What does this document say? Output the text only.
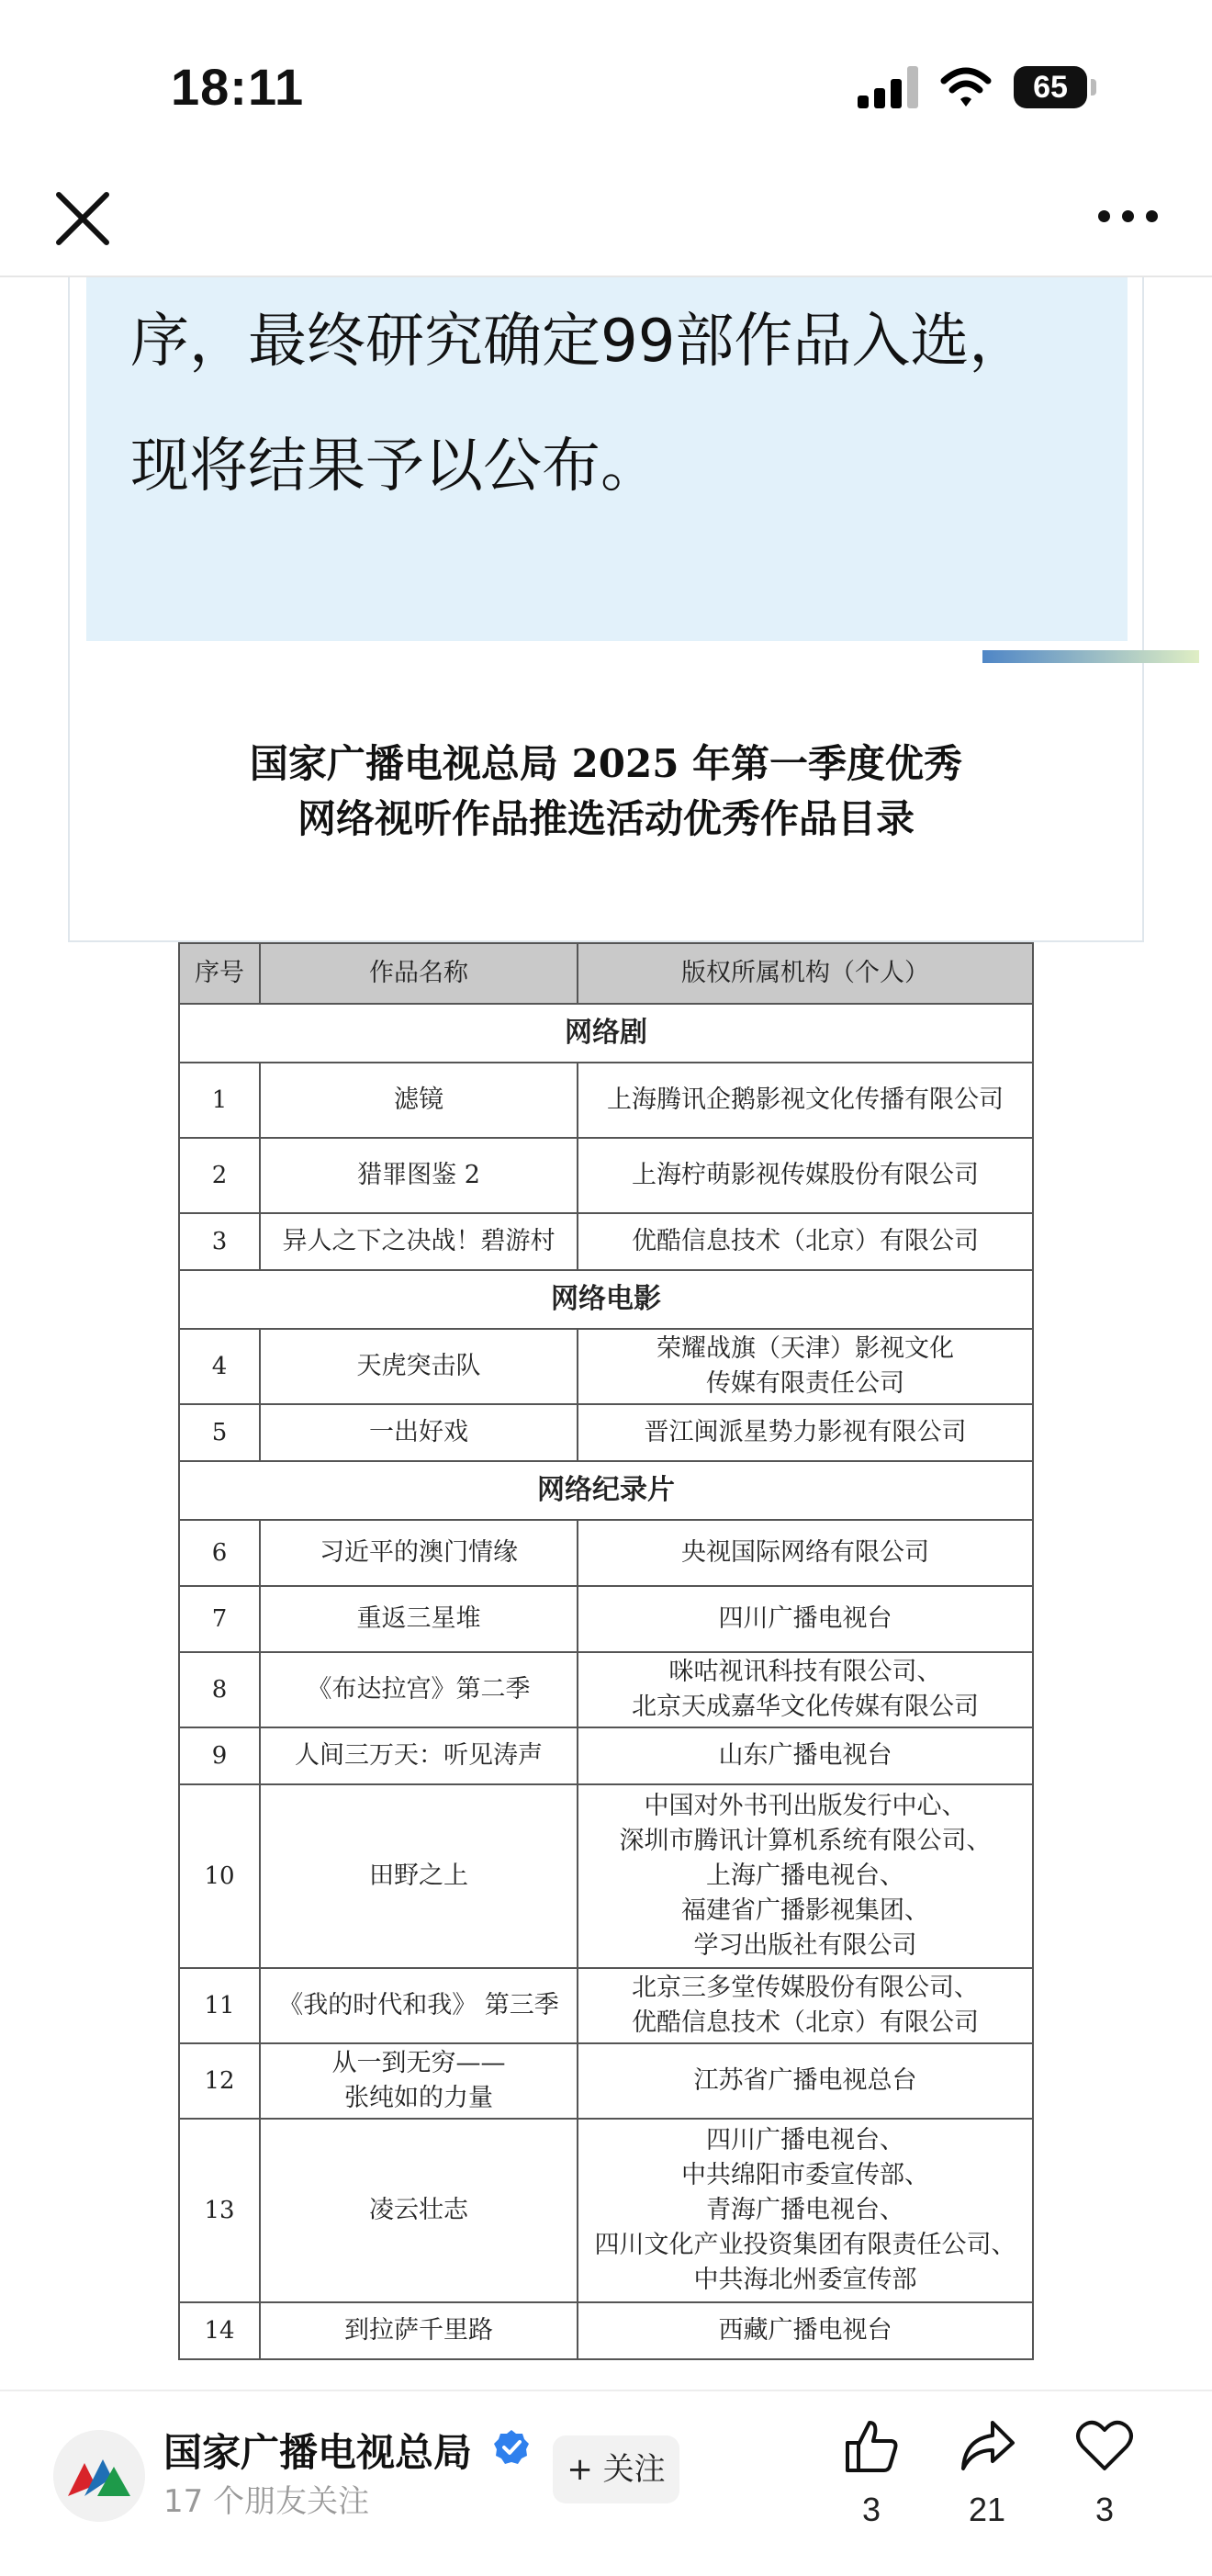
18:11	65
序，最终研究确定99部作品入选，现将结果予以公布。
国家广播电视总局 2025 年第一季度优秀
网络视听作品推选活动优秀作品目录
序号	作品名称	版权所属机构（个人）
网络剧		

1	滤镜	上海腾讯企鹅影视文化传播有限公司

2	猎罪图鉴 2	上海柠萌影视传媒股份有限公司

3	异人之下之决战！碧游村	优酷信息技术（北京）有限公司

网络电影		

4	天虎突击队	荣耀战旗（天津）影视文化
传媒有限责任公司

5	一出好戏	晋江闽派星势力影视有限公司

网络纪录片		

6	习近平的澳门情缘	央视国际网络有限公司

7	重返三星堆	四川广播电视台

8	《布达拉宫》第二季	咪咕视讯科技有限公司、
北京天成嘉华文化传媒有限公司

9	人间三万天：听见涛声	山东广播电视台

10	田野之上	中国对外书刊出版发行中心、
深圳市腾讯计算机系统有限公司、
上海广播电视台、
福建省广播影视集团、
学习出版社有限公司

11	《我的时代和我》 第三季	北京三多堂传媒股份有限公司、
优酷信息技术（北京）有限公司

12	从一到无穷——
张纯如的力量	江苏省广播电视总台

13	凌云壮志	四川广播电视台、
中共绵阳市委宣传部、
青海广播电视台、
四川文化产业投资集团有限责任公司、
中共海北州委宣传部

14	到拉萨千里路	西藏广播电视台
国家广播电视总局
17 个朋友关注
+ 关注
3	21	3
